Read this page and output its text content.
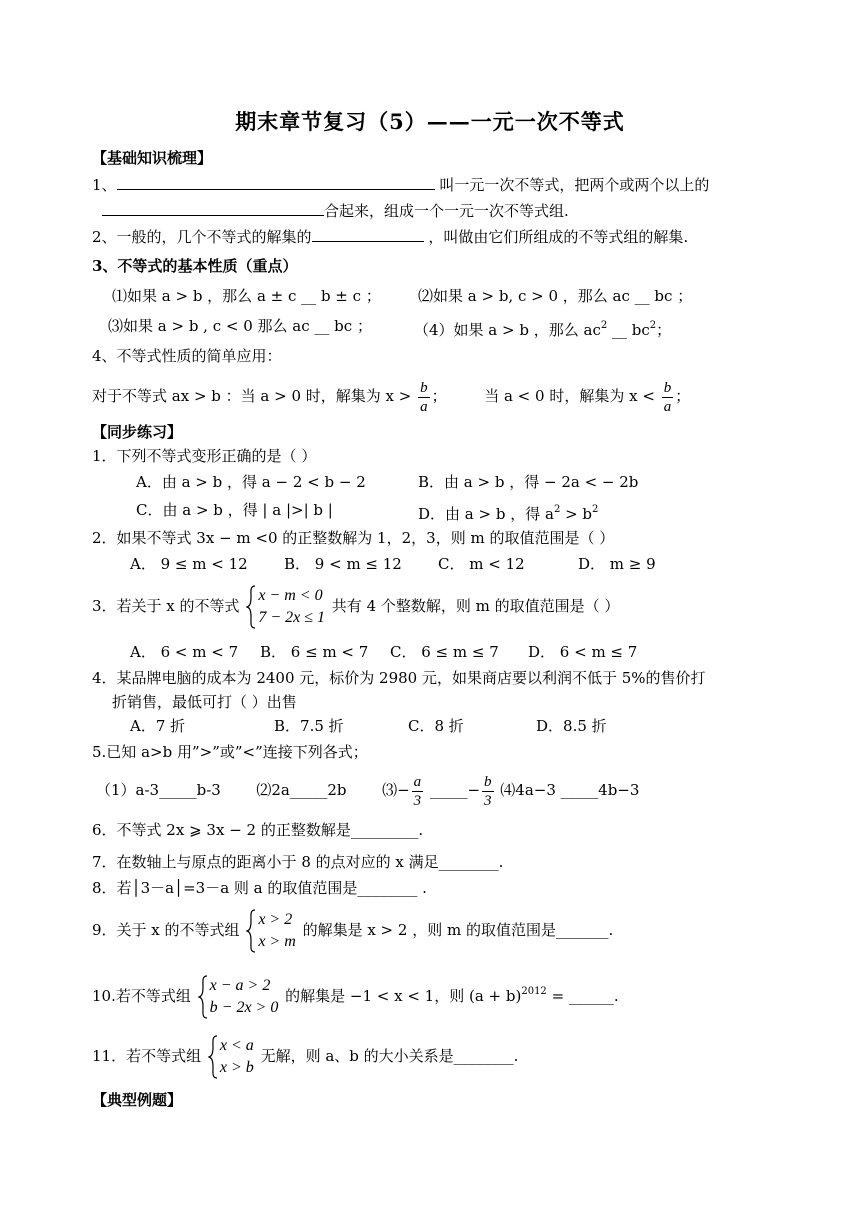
期末章节复习（5）——一元一次不等式
【基础知识梳理】
1、	叫一元一次不等式，把两个或两个以上的
合起来，组成一个一元一次不等式组.
2、一般的，几个不等式的解集的	，叫做由它们所组成的不等式组的解集.
3、不等式的基本性质（重点）
⑴如果 a > b ，那么 a ± c __ b ± c ； ⑵如果 a > b, c > 0 ，那么 ac __ bc ；
⑶如果 a > b , c < 0 那么 ac __ bc ；	（4）如果 a > b ，那么 $ac^2$ __ $bc^2$；
4、不等式性质的简单应用：
对于不等式 ax > b ：当 a > 0 时，解集为 $x > \frac{b}{a}$ ；	当 a < 0 时，解集为 $x < \frac{b}{a}$ ；
【同步练习】
1．下列不等式变形正确的是（ ）
A．由 a > b ，得 a − 2 < b − 2	B．由 a > b ，得 − 2a < − 2b
C．由 a > b ，得 | a |>| b |	D．由 a > b ，得 $a^2 > b^2$
2．如果不等式 3x − m <0 的正整数解为 1，2，3，则 m 的取值范围是（ ）
A． 9 ≤ m < 12 B． 9 < m ≤ 12 C． m < 12	D． m ≥ 9
3．若关于 x 的不等式
x − m < 0
7 − 2x ≤ 1
共有 4 个整数解，则 m 的取值范围是（ ）
A． 6 < m < 7 B． 6 ≤ m < 7 C． 6 ≤ m ≤ 7 D． 6 < m ≤ 7
4．某品牌电脑的成本为 2400 元，标价为 2980 元，如果商店要以利润不低于 5%的售价打
折销售，最低可打（ ）出售
A．7 折	B．7.5 折	C．8 折	D．8.5 折
5.已知 a>b 用”>”或”<”连接下列各式；
（1）a-3_____b-3 ⑵2a_____2b ⑶− $\frac{a}{3}$ _____− $\frac{b}{3}$ ⑷4a−3 _____4b−3
6．不等式 2x ⩾ 3x − 2 的正整数解是_________.
7．在数轴上与原点的距离小于 8 的点对应的 x 满足________.
8．若│3－a│=3－a 则 a 的取值范围是________ .
9．关于 x 的不等式组
x > 2
x > m
的解集是 x > 2 ，则 m 的取值范围是_______.
10.若不等式组
x − a > 2
b − 2x > 0
的解集是 −1 < x < 1，则 $(a + b)^{2012}$ = ______.
11．若不等式组
x < a
x > b
无解，则 a、b 的大小关系是________.
【典型例题】
